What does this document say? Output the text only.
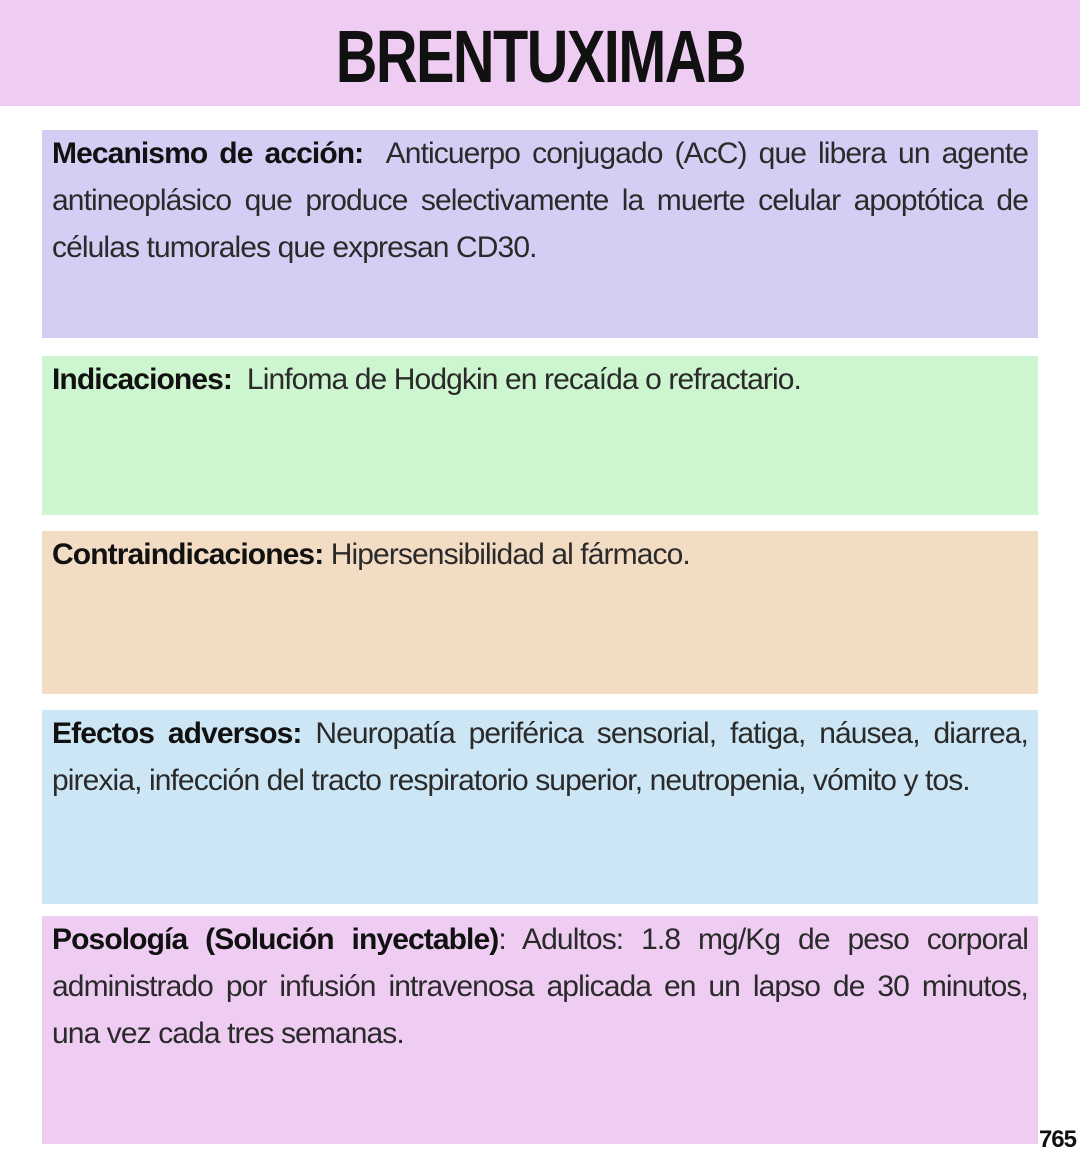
BRENTUXIMAB
Mecanismo de acción: Anticuerpo conjugado (AcC) que libera un agente antineoplásico que produce selectivamente la muerte celular apoptótica de células tumorales que expresan CD30.
Indicaciones: Linfoma de Hodgkin en recaída o refractario.
Contraindicaciones: Hipersensibilidad al fármaco.
Efectos adversos: Neuropatía periférica sensorial, fatiga, náusea, diarrea, pirexia, infección del tracto respiratorio superior, neutropenia, vómito y tos.
Posología (Solución inyectable): Adultos: 1.8 mg/Kg de peso corporal administrado por infusión intravenosa aplicada en un lapso de 30 minutos, una vez cada tres semanas.
765
